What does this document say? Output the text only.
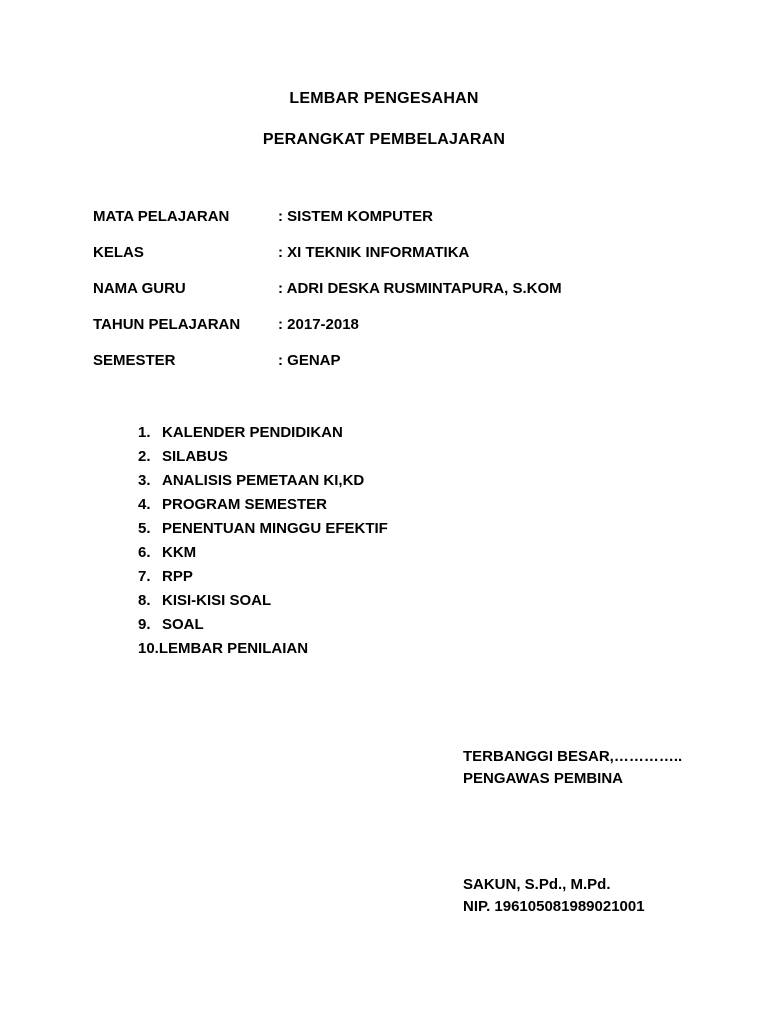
LEMBAR PENGESAHAN
PERANGKAT PEMBELAJARAN
MATA PELAJARAN	: SISTEM KOMPUTER
KELAS	: XI TEKNIK INFORMATIKA
NAMA GURU	: ADRI DESKA RUSMINTAPURA, S.KOM
TAHUN PELAJARAN	: 2017-2018
SEMESTER	: GENAP
1. KALENDER PENDIDIKAN
2. SILABUS
3. ANALISIS PEMETAAN KI,KD
4. PROGRAM SEMESTER
5. PENENTUAN MINGGU EFEKTIF
6. KKM
7. RPP
8. KISI-KISI SOAL
9. SOAL
10.LEMBAR PENILAIAN
TERBANGGI BESAR,…………..
PENGAWAS PEMBINA
SAKUN, S.Pd., M.Pd.
NIP. 196105081989021001
